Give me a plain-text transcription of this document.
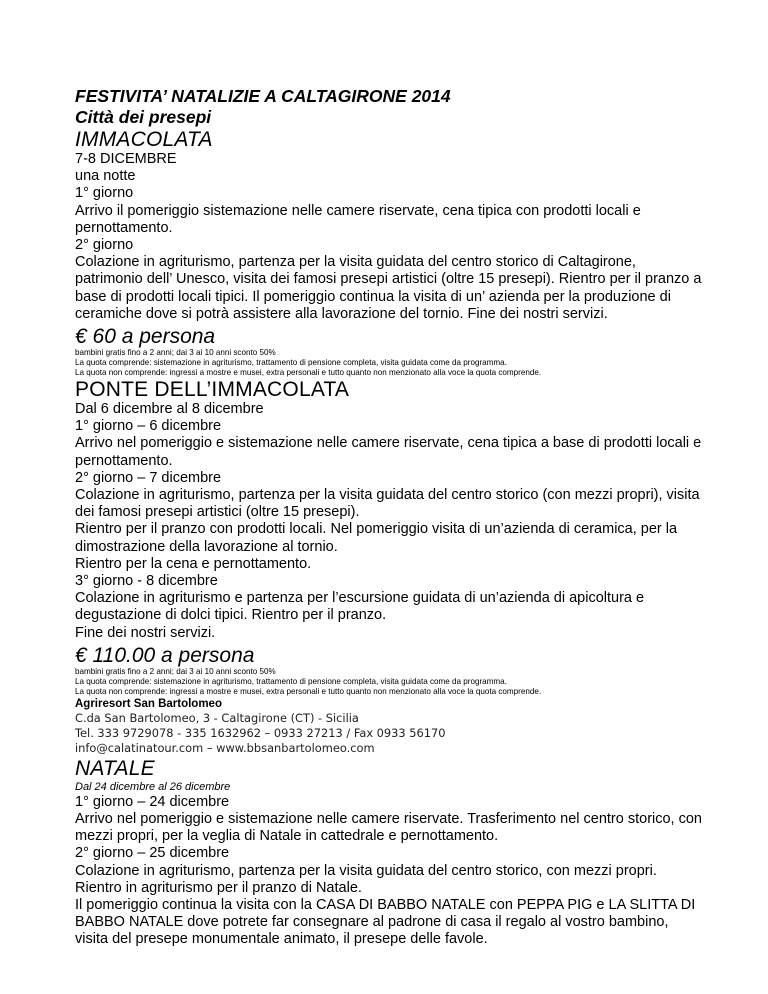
FESTIVITA’ NATALIZIE A CALTAGIRONE 2014

Città dei presepi

IMMACOLATA

7-8 DICEMBRE

una notte

1° giorno

Arrivo il pomeriggio sistemazione nelle camere riservate, cena tipica con prodotti locali e pernottamento.

2° giorno

Colazione in agriturismo, partenza per la visita guidata del centro storico di Caltagirone, patrimonio dell’ Unesco, visita dei famosi presepi artistici (oltre 15 presepi). Rientro per il pranzo a base di prodotti locali tipici. Il pomeriggio continua la visita di un’ azienda per la produzione di ceramiche dove si potrà assistere alla lavorazione del tornio. Fine dei nostri servizi.

€ 60 a persona

bambini gratis fino a 2 anni; dai 3 ai 10 anni sconto 50%

La quota comprende: sistemazione in agriturismo, trattamento di pensione completa, visita guidata come da programma.

La quota non comprende: ingressi a mostre e musei, extra personali e tutto quanto non menzionato alla voce la quota comprende.

PONTE DELL’IMMACOLATA

Dal 6 dicembre al 8 dicembre

1° giorno – 6 dicembre

Arrivo nel pomeriggio e sistemazione nelle camere riservate, cena tipica a base di prodotti locali e pernottamento.

2° giorno – 7 dicembre

Colazione in agriturismo, partenza per la visita guidata del centro storico (con mezzi propri), visita dei famosi presepi artistici (oltre 15 presepi).

Rientro per il pranzo con prodotti locali. Nel pomeriggio visita di un’azienda di ceramica, per la dimostrazione della lavorazione al tornio.

Rientro per la cena e pernottamento.

3° giorno - 8 dicembre

Colazione in agriturismo e partenza per l’escursione guidata di un’azienda di apicoltura e degustazione di dolci tipici. Rientro per il pranzo.

Fine dei nostri servizi.

€ 110.00 a persona

bambini gratis fino a 2 anni; dai 3 ai 10 anni sconto 50%

La quota comprende: sistemazione in agriturismo, trattamento di pensione completa, visita guidata come da programma.

La quota non comprende: ingressi a mostre e musei, extra personali e tutto quanto non menzionato alla voce la quota comprende.

Agriresort San Bartolomeo

C.da San Bartolomeo, 3 - Caltagirone (CT) - Sicilia

Tel. 333 9729078 - 335 1632962 – 0933 27213 / Fax 0933 56170

info@calatinatour.com – www.bbsanbartolomeo.com

NATALE

Dal 24 dicembre al 26 dicembre

1° giorno – 24 dicembre

Arrivo nel pomeriggio e sistemazione nelle camere riservate. Trasferimento nel centro storico, con mezzi propri, per la veglia di Natale in cattedrale e pernottamento.

2° giorno – 25 dicembre

Colazione in agriturismo, partenza per la visita guidata del centro storico, con mezzi propri. Rientro in agriturismo per il pranzo di Natale.

Il pomeriggio continua la visita con la CASA DI BABBO NATALE con PEPPA PIG e LA SLITTA DI BABBO NATALE dove potrete far consegnare al padrone di casa il regalo al vostro bambino, visita del presepe monumentale animato, il presepe delle favole.
